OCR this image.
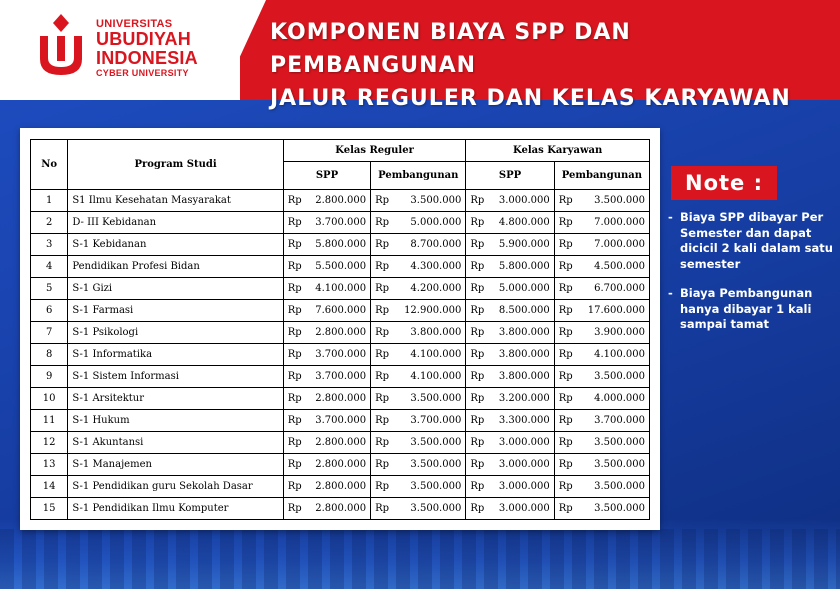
UNIVERSITAS
UBUDIYAH
INDONESIA
CYBER UNIVERSITY
KOMPONEN BIAYA SPP DAN PEMBANGUNAN
JALUR REGULER DAN KELAS KARYAWAN
No	Program Studi	Kelas Reguler				Kelas Karyawan			
		SPP		Pembangunan		SPP		Pembangunan	
1	S1 Ilmu Kesehatan Masyarakat	Rp	2.800.000	Rp	3.500.000	Rp	3.000.000	Rp	3.500.000
2	D- III Kebidanan	Rp	3.700.000	Rp	5.000.000	Rp	4.800.000	Rp	7.000.000
3	S-1 Kebidanan	Rp	5.800.000	Rp	8.700.000	Rp	5.900.000	Rp	7.000.000
4	Pendidikan Profesi Bidan	Rp	5.500.000	Rp	4.300.000	Rp	5.800.000	Rp	4.500.000
5	S-1 Gizi	Rp	4.100.000	Rp	4.200.000	Rp	5.000.000	Rp	6.700.000
6	S-1 Farmasi	Rp	7.600.000	Rp	12.900.000	Rp	8.500.000	Rp	17.600.000
7	S-1 Psikologi	Rp	2.800.000	Rp	3.800.000	Rp	3.800.000	Rp	3.900.000
8	S-1 Informatika	Rp	3.700.000	Rp	4.100.000	Rp	3.800.000	Rp	4.100.000
9	S-1 Sistem Informasi	Rp	3.700.000	Rp	4.100.000	Rp	3.800.000	Rp	3.500.000
10	S-1 Arsitektur	Rp	2.800.000	Rp	3.500.000	Rp	3.200.000	Rp	4.000.000
11	S-1 Hukum	Rp	3.700.000	Rp	3.700.000	Rp	3.300.000	Rp	3.700.000
12	S-1 Akuntansi	Rp	2.800.000	Rp	3.500.000	Rp	3.000.000	Rp	3.500.000
13	S-1 Manajemen	Rp	2.800.000	Rp	3.500.000	Rp	3.000.000	Rp	3.500.000
14	S-1 Pendidikan guru Sekolah Dasar	Rp	2.800.000	Rp	3.500.000	Rp	3.000.000	Rp	3.500.000
15	S-1 Pendidikan Ilmu Komputer	Rp	2.800.000	Rp	3.500.000	Rp	3.000.000	Rp	3.500.000
Note :
- Biaya SPP dibayar Per Semester dan dapat dicicil 2 kali dalam satu semester
- Biaya Pembangunan hanya dibayar 1 kali sampai tamat
